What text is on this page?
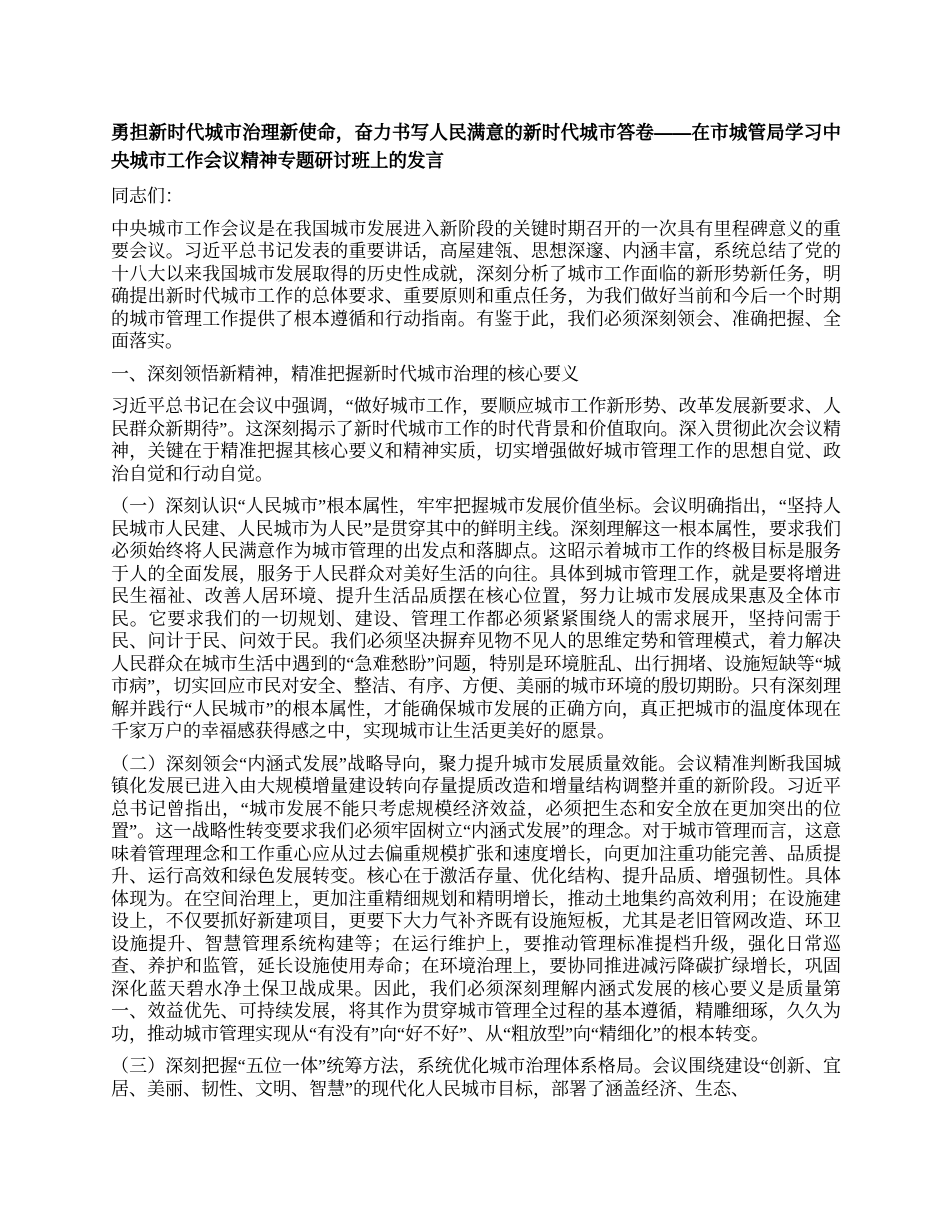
勇担新时代城市治理新使命，奋力书写人民满意的新时代城市答卷——在市城管局学习中央城市工作会议精神专题研讨班上的发言

同志们：

中央城市工作会议是在我国城市发展进入新阶段的关键时期召开的一次具有里程碑意义的重要会议。习近平总书记发表的重要讲话，高屋建瓴、思想深邃、内涵丰富，系统总结了党的十八大以来我国城市发展取得的历史性成就，深刻分析了城市工作面临的新形势新任务，明确提出新时代城市工作的总体要求、重要原则和重点任务，为我们做好当前和今后一个时期的城市管理工作提供了根本遵循和行动指南。有鉴于此，我们必须深刻领会、准确把握、全面落实。

一、深刻领悟新精神，精准把握新时代城市治理的核心要义

习近平总书记在会议中强调，“做好城市工作，要顺应城市工作新形势、改革发展新要求、人民群众新期待”。这深刻揭示了新时代城市工作的时代背景和价值取向。深入贯彻此次会议精神，关键在于精准把握其核心要义和精神实质，切实增强做好城市管理工作的思想自觉、政治自觉和行动自觉。

（一）深刻认识“人民城市”根本属性，牢牢把握城市发展价值坐标。会议明确指出，“坚持人民城市人民建、人民城市为人民”是贯穿其中的鲜明主线。深刻理解这一根本属性，要求我们必须始终将人民满意作为城市管理的出发点和落脚点。这昭示着城市工作的终极目标是服务于人的全面发展，服务于人民群众对美好生活的向往。具体到城市管理工作，就是要将增进民生福祉、改善人居环境、提升生活品质摆在核心位置，努力让城市发展成果惠及全体市民。它要求我们的一切规划、建设、管理工作都必须紧紧围绕人的需求展开，坚持问需于民、问计于民、问效于民。我们必须坚决摒弃见物不见人的思维定势和管理模式，着力解决人民群众在城市生活中遇到的“急难愁盼”问题，特别是环境脏乱、出行拥堵、设施短缺等“城市病”，切实回应市民对安全、整洁、有序、方便、美丽的城市环境的殷切期盼。只有深刻理解并践行“人民城市”的根本属性，才能确保城市发展的正确方向，真正把城市的温度体现在千家万户的幸福感获得感之中，实现城市让生活更美好的愿景。

（二）深刻领会“内涵式发展”战略导向，聚力提升城市发展质量效能。会议精准判断我国城镇化发展已进入由大规模增量建设转向存量提质改造和增量结构调整并重的新阶段。习近平总书记曾指出，“城市发展不能只考虑规模经济效益，必须把生态和安全放在更加突出的位置”。这一战略性转变要求我们必须牢固树立“内涵式发展”的理念。对于城市管理而言，这意味着管理理念和工作重心应从过去偏重规模扩张和速度增长，向更加注重功能完善、品质提升、运行高效和绿色发展转变。核心在于激活存量、优化结构、提升品质、增强韧性。具体体现为。在空间治理上，更加注重精细规划和精明增长，推动土地集约高效利用；在设施建设上，不仅要抓好新建项目，更要下大力气补齐既有设施短板，尤其是老旧管网改造、环卫设施提升、智慧管理系统构建等；在运行维护上，要推动管理标准提档升级，强化日常巡查、养护和监管，延长设施使用寿命；在环境治理上，要协同推进减污降碳扩绿增长，巩固深化蓝天碧水净土保卫战成果。因此，我们必须深刻理解内涵式发展的核心要义是质量第一、效益优先、可持续发展，将其作为贯穿城市管理全过程的基本遵循，精雕细琢，久久为功，推动城市管理实现从“有没有”向“好不好”、从“粗放型”向“精细化”的根本转变。

（三）深刻把握“五位一体”统筹方法，系统优化城市治理体系格局。会议围绕建设“创新、宜居、美丽、韧性、文明、智慧”的现代化人民城市目标，部署了涵盖经济、生态、
